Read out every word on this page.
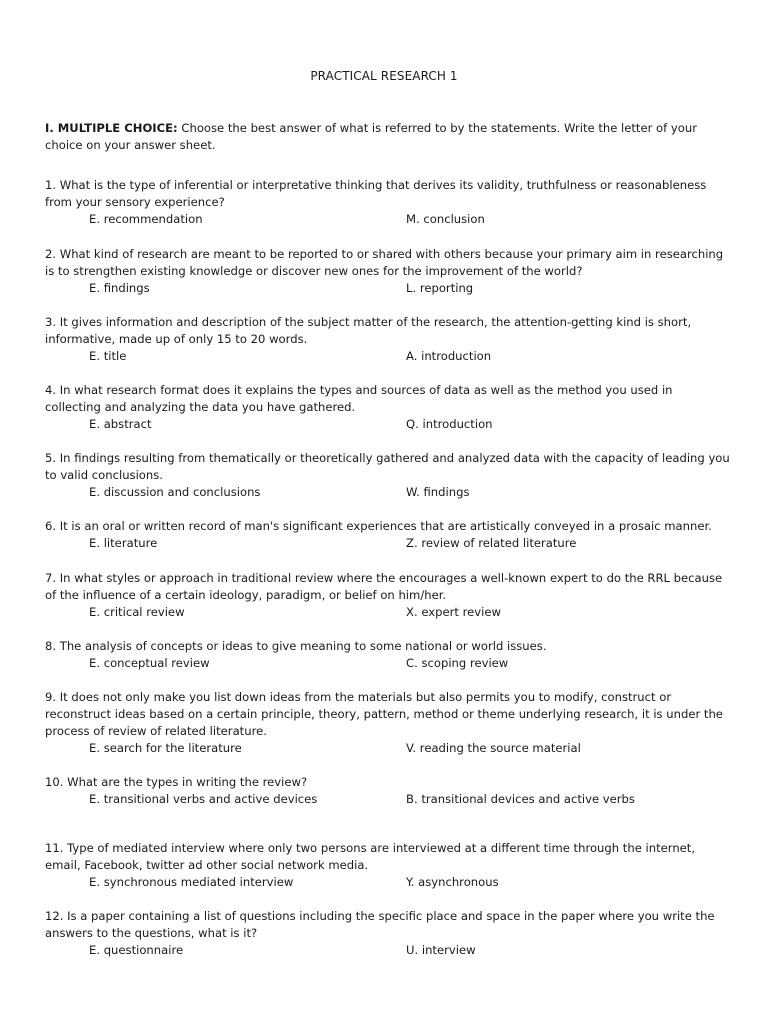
PRACTICAL RESEARCH 1
I. MULTIPLE CHOICE: Choose the best answer of what is referred to by the statements. Write the letter of your choice on your answer sheet.
1. What is the type of inferential or interpretative thinking that derives its validity, truthfulness or reasonableness from your sensory experience?
E. recommendation	M. conclusion
2. What kind of research are meant to be reported to or shared with others because your primary aim in researching is to strengthen existing knowledge or discover new ones for the improvement of the world?
E. findings	L. reporting
3. It gives information and description of the subject matter of the research, the attention-getting kind is short, informative, made up of only 15 to 20 words.
E. title	A. introduction
4. In what research format does it explains the types and sources of data as well as the method you used in collecting and analyzing the data you have gathered.
E. abstract	Q. introduction
5. In findings resulting from thematically or theoretically gathered and analyzed data with the capacity of leading you to valid conclusions.
E. discussion and conclusions	W. findings
6. It is an oral or written record of man's significant experiences that are artistically conveyed in a prosaic manner.
E. literature	Z. review of related literature
7. In what styles or approach in traditional review where the encourages a well-known expert to do the RRL because of the influence of a certain ideology, paradigm, or belief on him/her.
E. critical review	X. expert review
8. The analysis of concepts or ideas to give meaning to some national or world issues.
E. conceptual review	C. scoping review
9. It does not only make you list down ideas from the materials but also permits you to modify, construct or reconstruct ideas based on a certain principle, theory, pattern, method or theme underlying research, it is under the process of review of related literature.
E. search for the literature	V. reading the source material
10. What are the types in writing the review?
E. transitional verbs and active devices	B. transitional devices and active verbs
11. Type of mediated interview where only two persons are interviewed at a different time through the internet, email, Facebook, twitter ad other social network media.
E. synchronous mediated interview	Y. asynchronous
12. Is a paper containing a list of questions including the specific place and space in the paper where you write the answers to the questions, what is it?
E. questionnaire	U. interview
